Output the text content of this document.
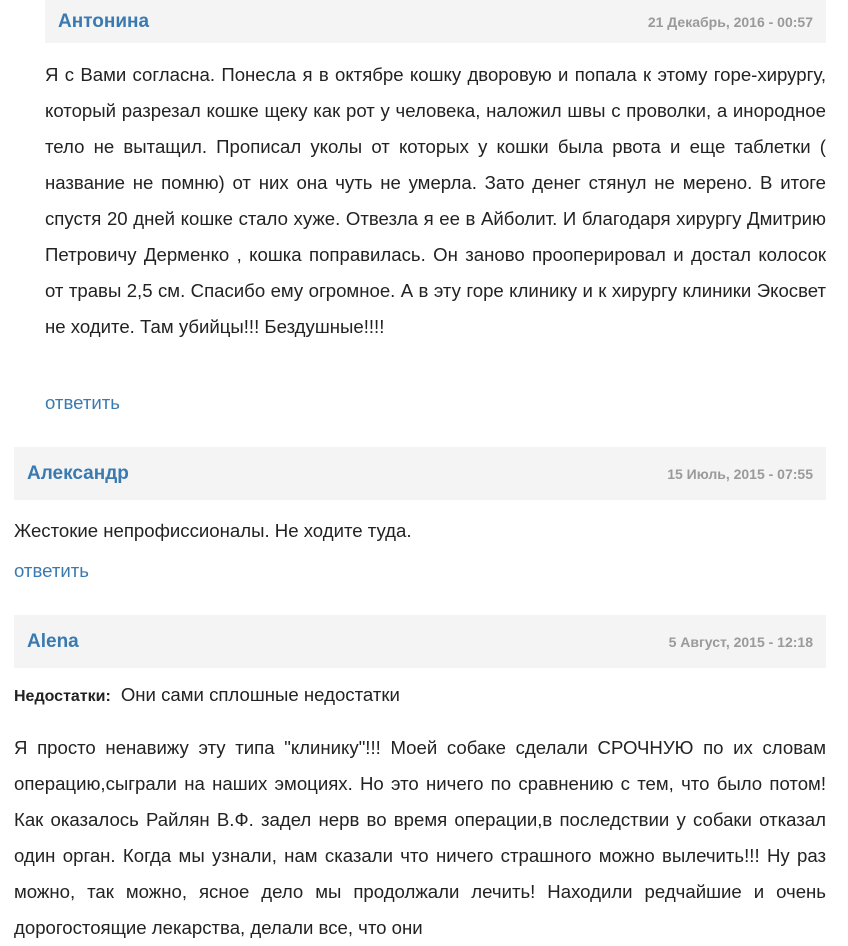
Антонина	21 Декабрь, 2016 - 00:57

Я с Вами согласна. Понесла я в октябре кошку дворовую и попала к этому горе-хирургу, который разрезал кошке щеку как рот у человека, наложил швы с проволки, а инородное тело не вытащил. Прописал уколы от которых у кошки была рвота и еще таблетки ( название не помню) от них она чуть не умерла. Зато денег стянул не мерено. В итоге спустя 20 дней кошке стало хуже. Отвезла я ее в Айболит. И благодаря хирургу Дмитрию Петровичу Дерменко , кошка поправилась. Он заново прооперировал и достал колосок от травы 2,5 см. Спасибо ему огромное. А в эту горе клинику и к хирургу клиники Экосвет не ходите. Там убийцы!!! Бездушные!!!!

ответить
Александр	15 Июль, 2015 - 07:55

Жестокие непрофиссионалы. Не ходите туда.

ответить
Alena	5 Август, 2015 - 12:18
Недостатки: Они сами сплошные недостатки

Я просто ненавижу эту типа "клинику"!!! Моей собаке сделали СРОЧНУЮ по их словам операцию,сыграли на наших эмоциях. Но это ничего по сравнению с тем, что было потом! Как оказалось Райлян В.Ф. задел нерв во время операции,в последствии у собаки отказал один орган. Когда мы узнали, нам сказали что ничего страшного можно вылечить!!! Ну раз можно, так можно, ясное дело мы продолжали лечить! Находили редчайшие и очень дорогостоящие лекарства, делали все, что они
